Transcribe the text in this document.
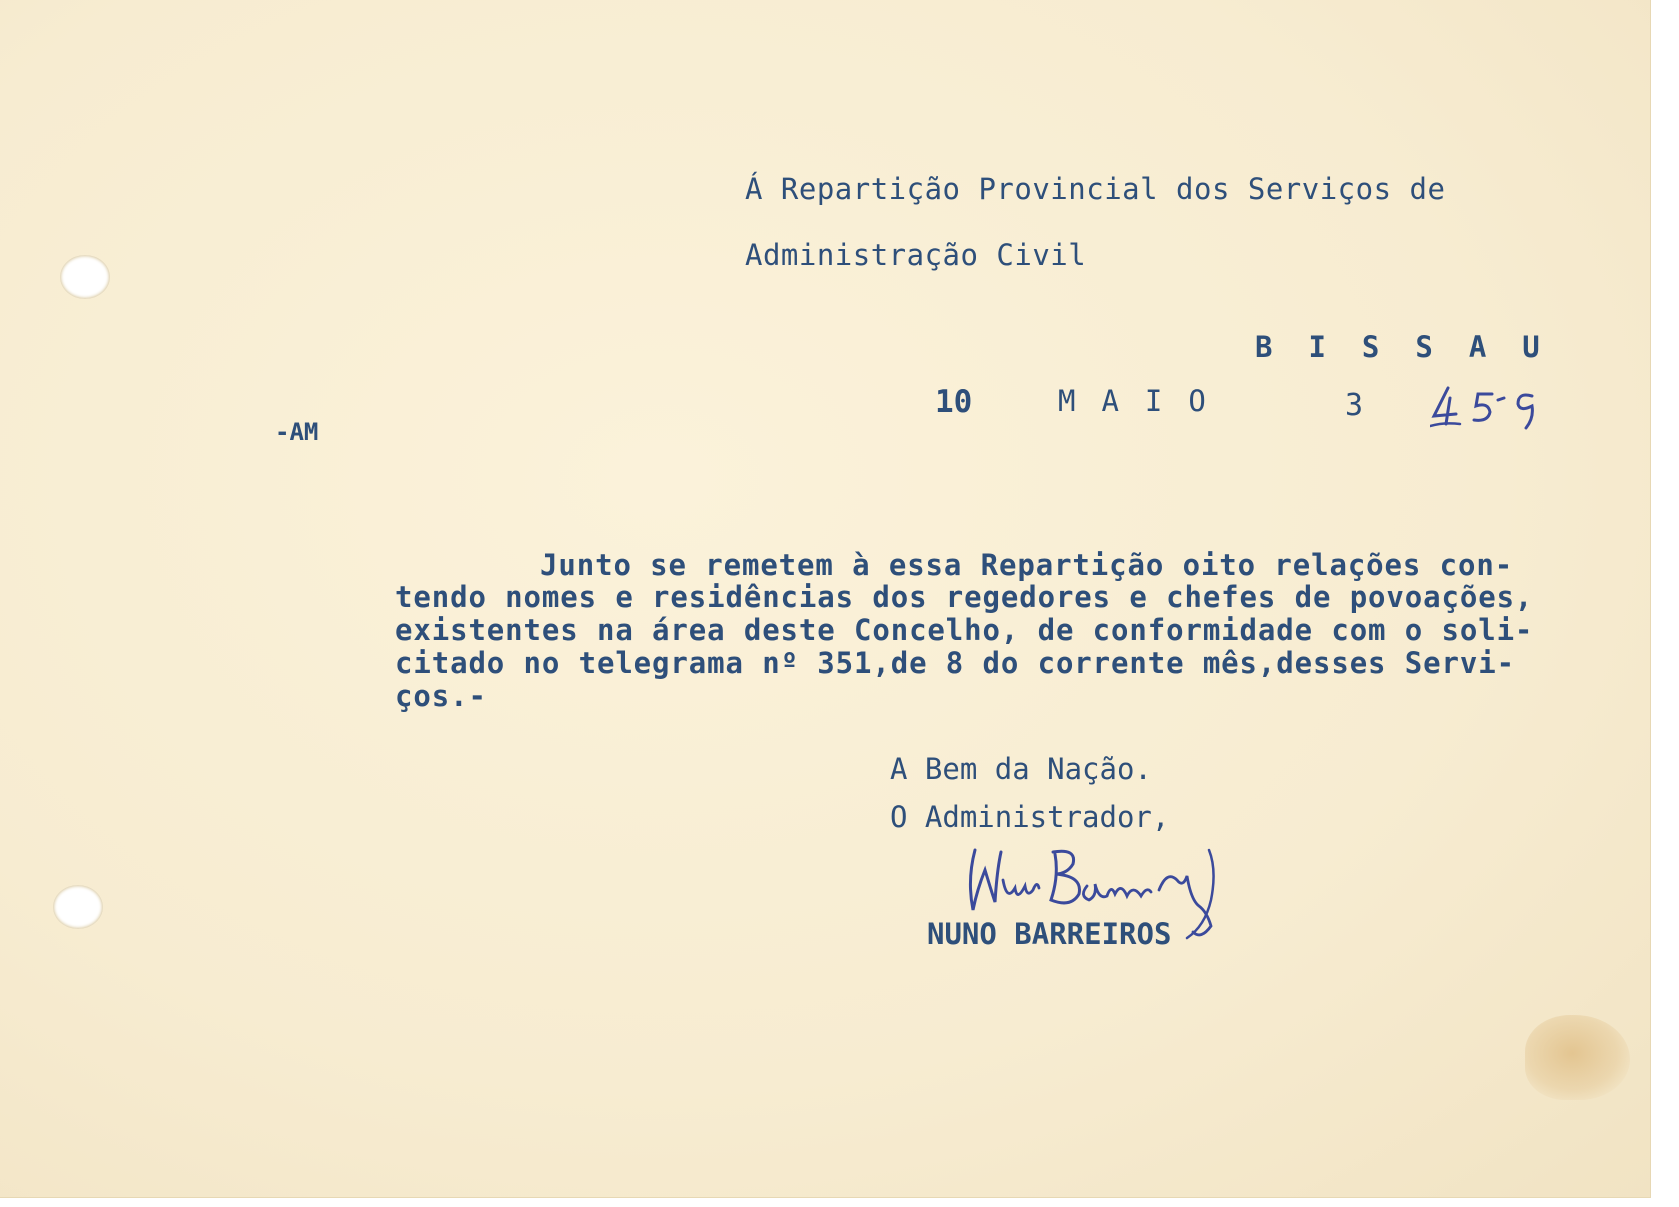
Á Repartição Provincial dos Serviços de

Administração Civil

BISSAU

10	MAIO	3

-AM

Junto se remetem à essa Repartição oito relações con-

tendo nomes e residências dos regedores e chefes de povoações,

existentes na área deste Concelho, de conformidade com o soli-

citado no telegrama nº 351,de 8 do corrente mês,desses Servi-

ços.-

A Bem da Nação.

O Administrador,

NUNO BARREIROS
